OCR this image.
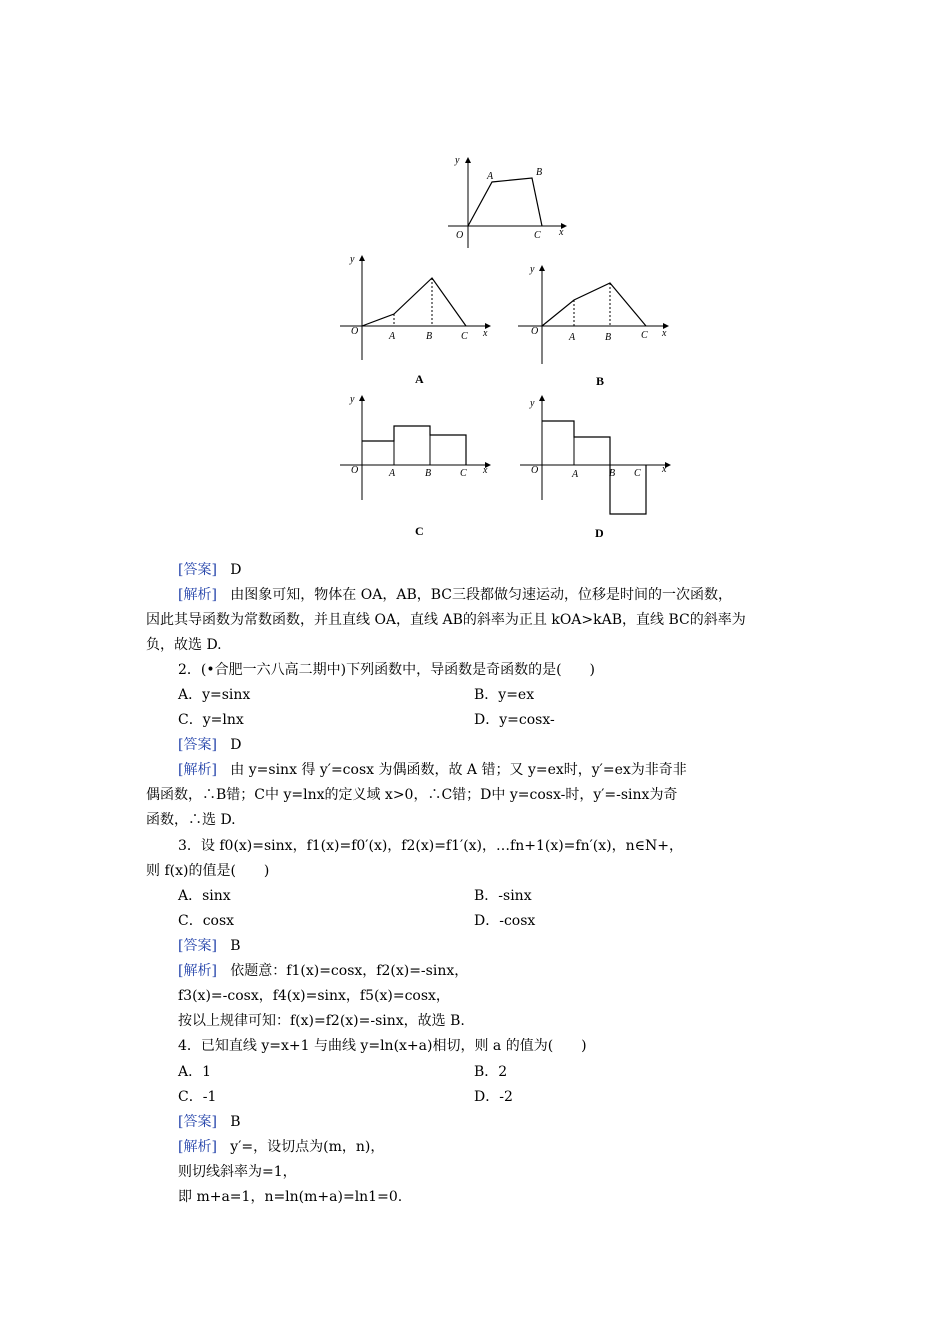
y
O
A	B
C x
y
O	A	B	C x
A
y
O
A	B	C x
B
y
O	A	B	C x
C
y
O	A	B C x
D
[答案] D
[解析] 由图象可知，物体在 OA，AB，BC三段都做匀速运动，位移是时间的一次函数，
因此其导函数为常数函数，并且直线 OA，直线 AB的斜率为正且 kOA>kAB，直线 BC的斜率为
负，故选 D.
2．(•合肥一六八高二期中)下列函数中，导函数是奇函数的是(　　)
A．y=sinx	B．y=ex
C．y=lnx	D．y=cosx-
[答案] D
[解析] 由 y=sinx 得 y′=cosx 为偶函数，故 A 错；又 y=ex时，y′=ex为非奇非
偶函数，∴B错；C中 y=lnx的定义域 x>0，∴C错；D中 y=cosx-时，y′=-sinx为奇
函数，∴选 D.
3．设 f0(x)=sinx，f1(x)=f0′(x)，f2(x)=f1′(x)，…fn+1(x)=fn′(x)，n∈N+，
则 f(x)的值是(　　)
A．sinx	B．-sinx
C．cosx	D．-cosx
[答案] B
[解析] 依题意：f1(x)=cosx，f2(x)=-sinx，
f3(x)=-cosx，f4(x)=sinx，f5(x)=cosx，
按以上规律可知：f(x)=f2(x)=-sinx，故选 B.
4．已知直线 y=x+1 与曲线 y=ln(x+a)相切，则 a 的值为(　　)
A．1	B．2
C．-1	D．-2
[答案] B
[解析] y′=，设切点为(m，n)，
则切线斜率为=1，
即 m+a=1，n=ln(m+a)=ln1=0.
